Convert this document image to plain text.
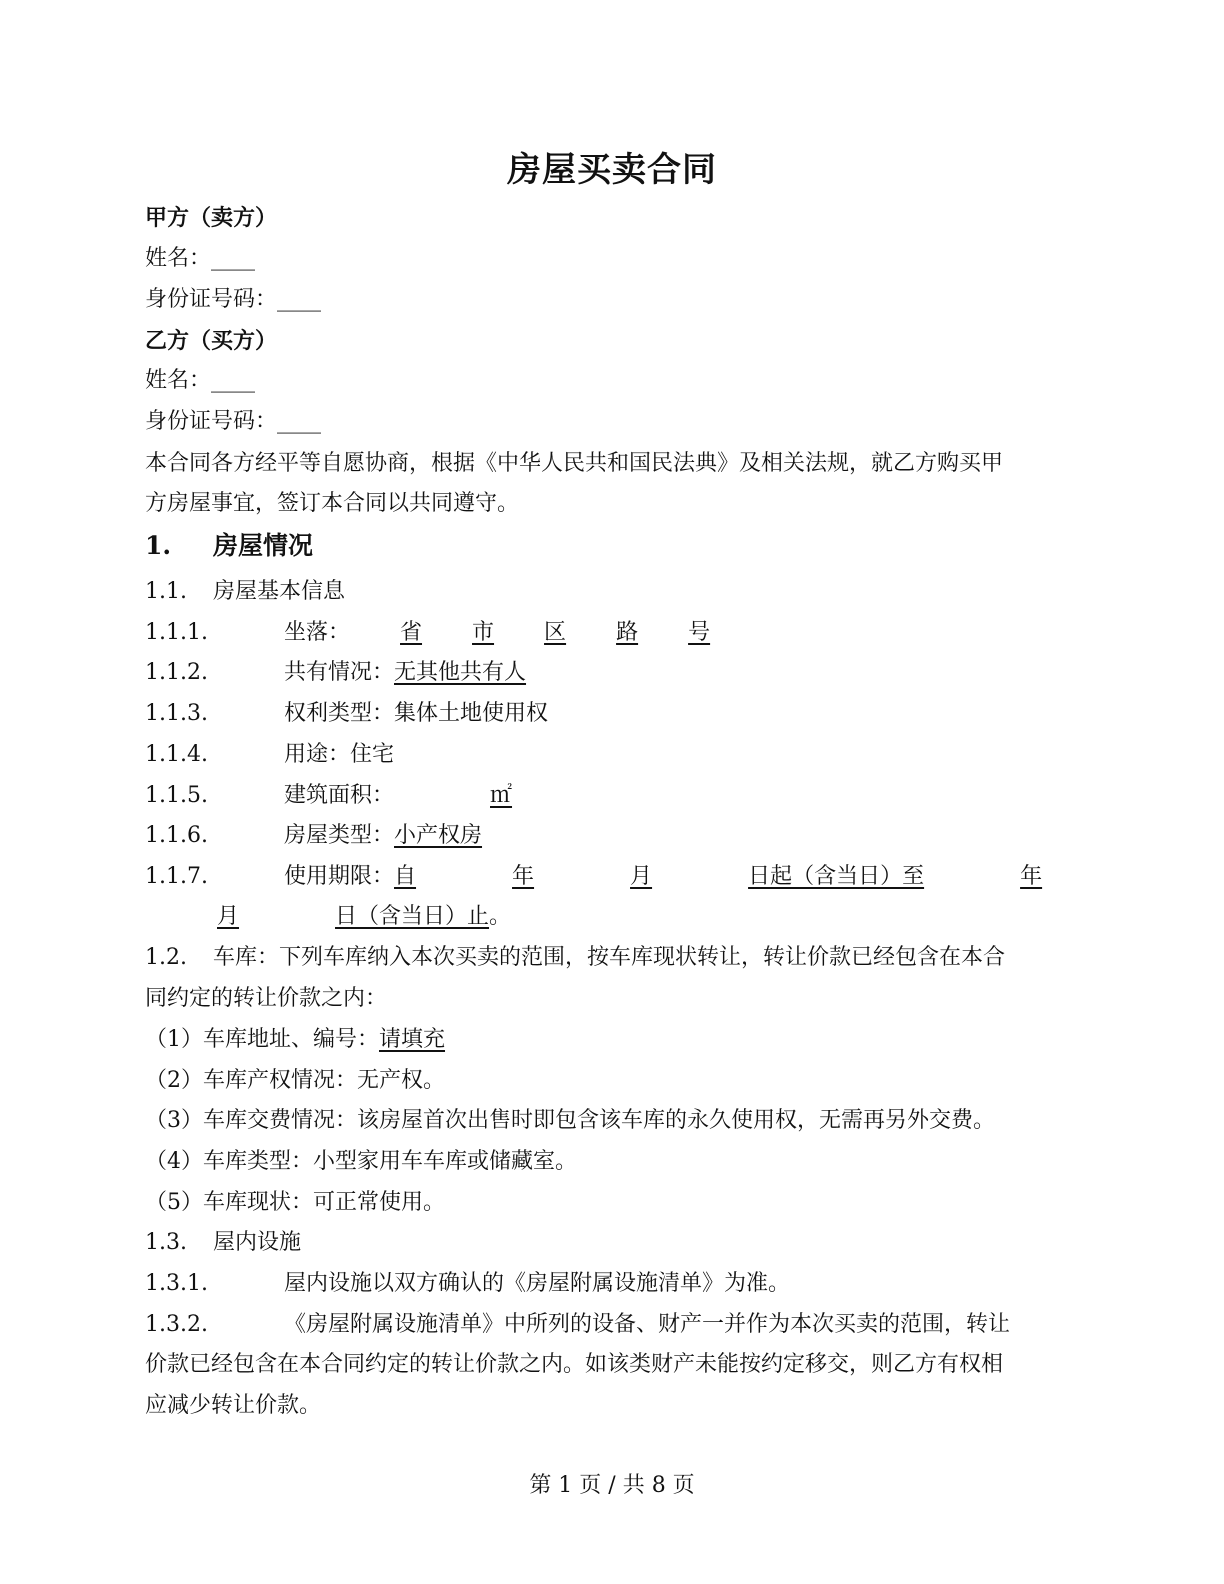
房屋买卖合同
甲方（卖方）
姓名：____
身份证号码：____
乙方（买方）
姓名：____
身份证号码：____
本合同各方经平等自愿协商，根据《中华人民共和国民法典》及相关法规，就乙方购买甲
方房屋事宜，签订本合同以共同遵守。
1. 房屋情况
1.1. 房屋基本信息
1.1.1.	坐落： 省 市 区 路 号
1.1.2.	共有情况：无其他共有人
1.1.3.	权利类型：集体土地使用权
1.1.4.	用途：住宅
1.1.5.	建筑面积：	㎡
1.1.6.	房屋类型：小产权房
1.1.7.	使用期限：自	年	月	日起（含当日）至	年
月	日（含当日）止。
1.2. 车库：下列车库纳入本次买卖的范围，按车库现状转让，转让价款已经包含在本合
同约定的转让价款之内：
（1）车库地址、编号：请填充
（2）车库产权情况：无产权。
（3）车库交费情况：该房屋首次出售时即包含该车库的永久使用权，无需再另外交费。
（4）车库类型：小型家用车车库或储藏室。
（5）车库现状：可正常使用。
1.3. 屋内设施
1.3.1.	屋内设施以双方确认的《房屋附属设施清单》为准。
1.3.2.	《房屋附属设施清单》中所列的设备、财产一并作为本次买卖的范围，转让
价款已经包含在本合同约定的转让价款之内。如该类财产未能按约定移交，则乙方有权相
应减少转让价款。
第 1 页 / 共 8 页
